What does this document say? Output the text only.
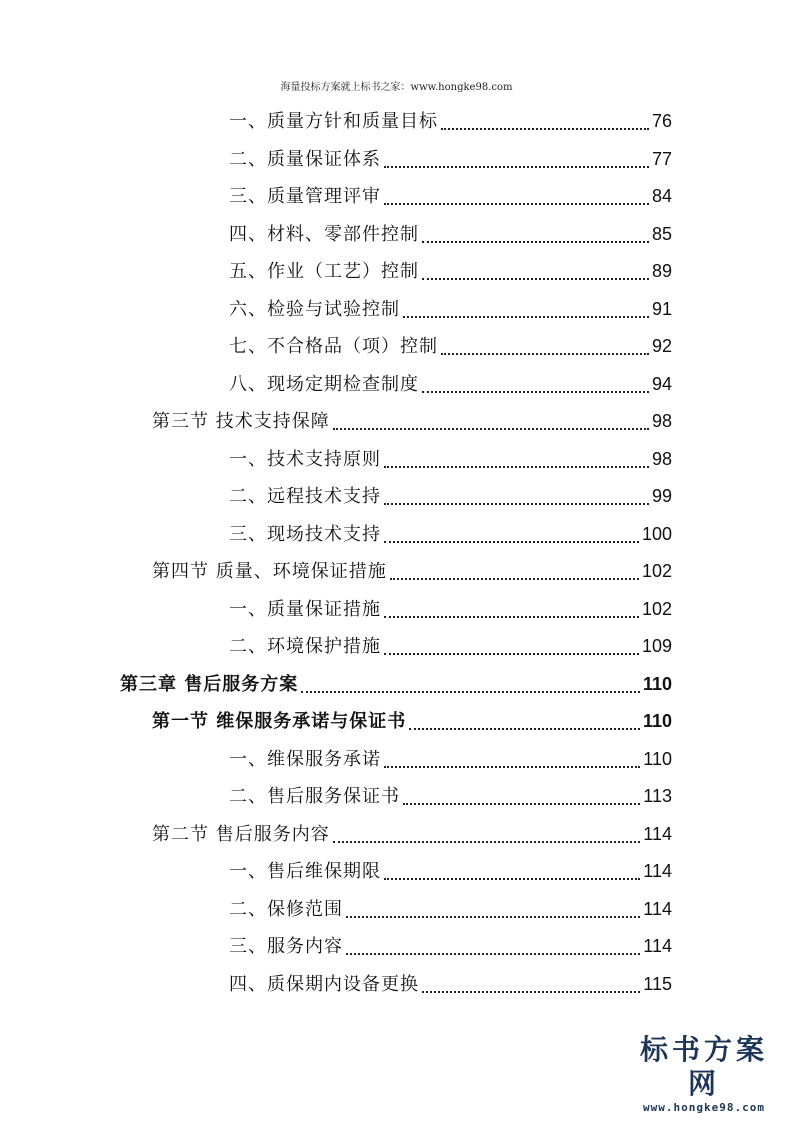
海量投标方案就上标书之家：www.hongke98.com
一、质量方针和质量目标	76
二、质量保证体系	77
三、质量管理评审	84
四、材料、零部件控制	85
五、作业（工艺）控制	89
六、检验与试验控制	91
七、不合格品（项）控制	92
八、现场定期检查制度	94
第三节 技术支持保障	98
一、技术支持原则	98
二、远程技术支持	99
三、现场技术支持	100
第四节 质量、环境保证措施	102
一、质量保证措施	102
二、环境保护措施	109
第三章 售后服务方案	110
第一节 维保服务承诺与保证书	110
一、维保服务承诺	110
二、售后服务保证书	113
第二节 售后服务内容	114
一、售后维保期限	114
二、保修范围	114
三、服务内容	114
四、质保期内设备更换	115
标书方案网
www.hongke98.com
